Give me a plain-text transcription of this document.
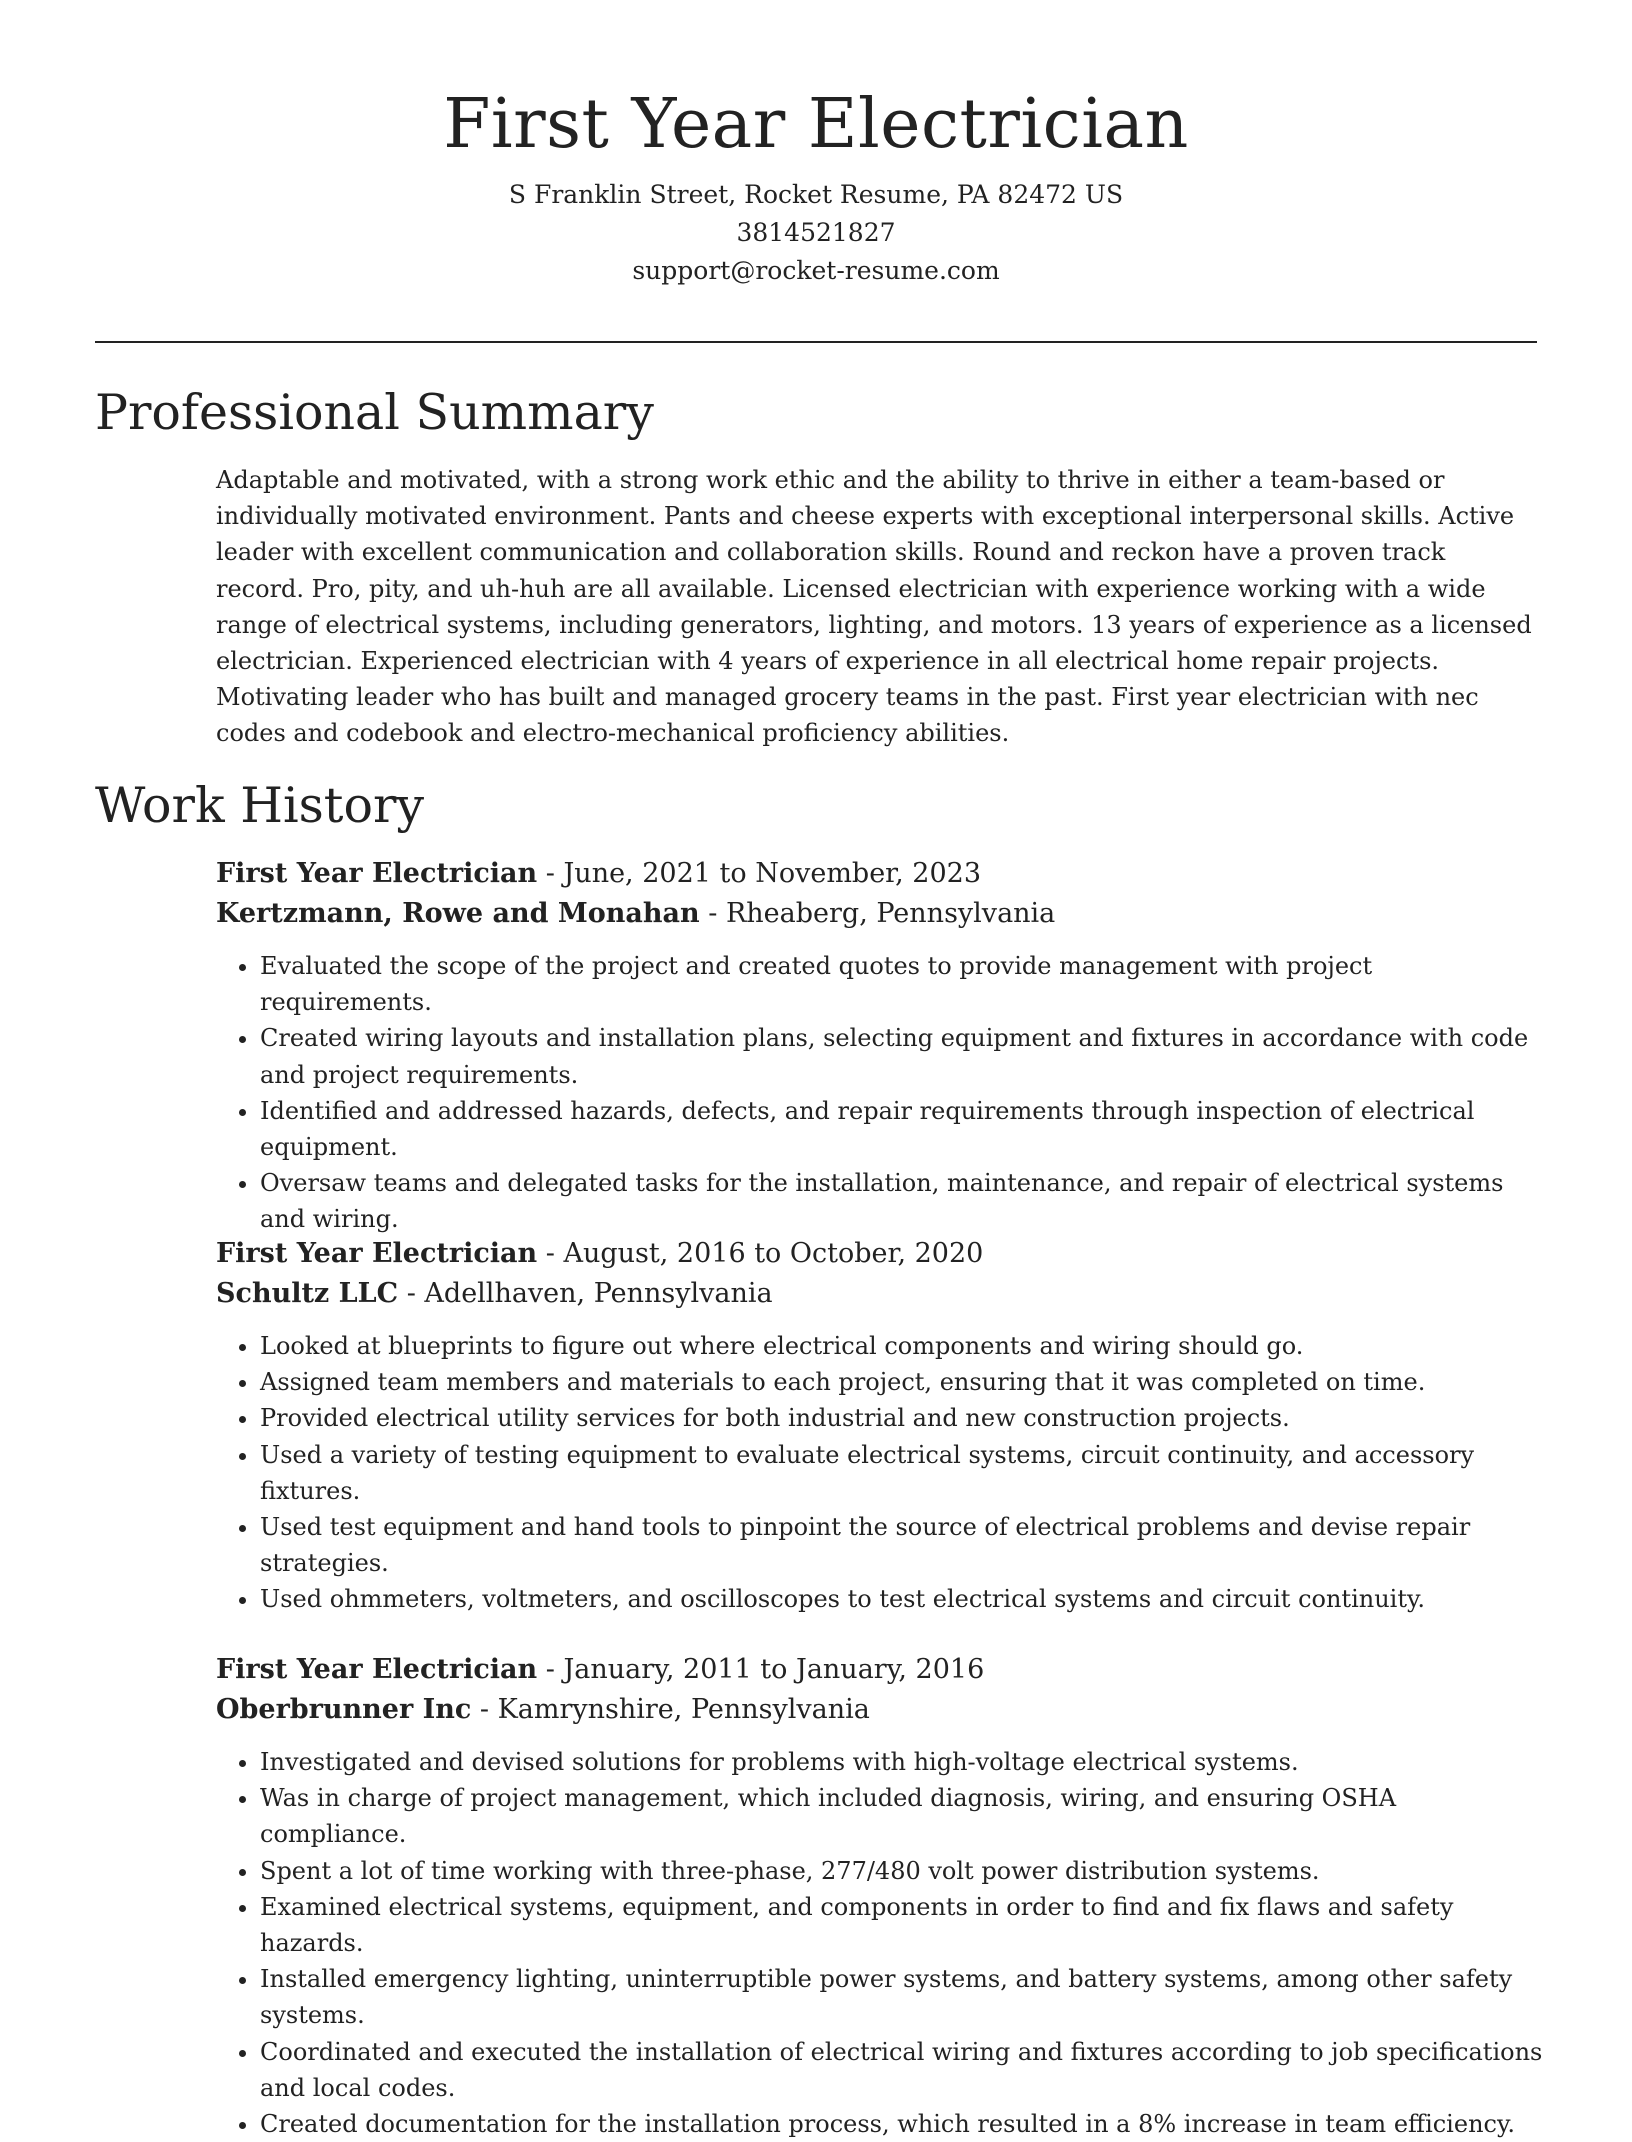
First Year Electrician
S Franklin Street, Rocket Resume, PA 82472 US
3814521827
support@rocket-resume.com
Professional Summary

Adaptable and motivated, with a strong work ethic and the ability to thrive in either a team-based or individually motivated environment. Pants and cheese experts with exceptional interpersonal skills. Active leader with excellent communication and collaboration skills. Round and reckon have a proven track record. Pro, pity, and uh-huh are all available. Licensed electrician with experience working with a wide range of electrical systems, including generators, lighting, and motors. 13 years of experience as a licensed electrician. Experienced electrician with 4 years of experience in all electrical home repair projects. Motivating leader who has built and managed grocery teams in the past. First year electrician with nec codes and codebook and electro-mechanical proficiency abilities.

Work History

First Year Electrician - June, 2021 to November, 2023

Kertzmann, Rowe and Monahan - Rheaberg, Pennsylvania

• Evaluated the scope of the project and created quotes to provide management with project requirements.
• Created wiring layouts and installation plans, selecting equipment and fixtures in accordance with code and project requirements.
• Identified and addressed hazards, defects, and repair requirements through inspection of electrical equipment.
• Oversaw teams and delegated tasks for the installation, maintenance, and repair of electrical systems and wiring.

First Year Electrician - August, 2016 to October, 2020

Schultz LLC - Adellhaven, Pennsylvania

• Looked at blueprints to figure out where electrical components and wiring should go.
• Assigned team members and materials to each project, ensuring that it was completed on time.
• Provided electrical utility services for both industrial and new construction projects.
• Used a variety of testing equipment to evaluate electrical systems, circuit continuity, and accessory fixtures.
• Used test equipment and hand tools to pinpoint the source of electrical problems and devise repair strategies.
• Used ohmmeters, voltmeters, and oscilloscopes to test electrical systems and circuit continuity.

First Year Electrician - January, 2011 to January, 2016

Oberbrunner Inc - Kamrynshire, Pennsylvania

• Investigated and devised solutions for problems with high-voltage electrical systems.
• Was in charge of project management, which included diagnosis, wiring, and ensuring OSHA compliance.
• Spent a lot of time working with three-phase, 277/480 volt power distribution systems.
• Examined electrical systems, equipment, and components in order to find and fix flaws and safety hazards.
• Installed emergency lighting, uninterruptible power systems, and battery systems, among other safety systems.
• Coordinated and executed the installation of electrical wiring and fixtures according to job specifications and local codes.
• Created documentation for the installation process, which resulted in a 8% increase in team efficiency.
